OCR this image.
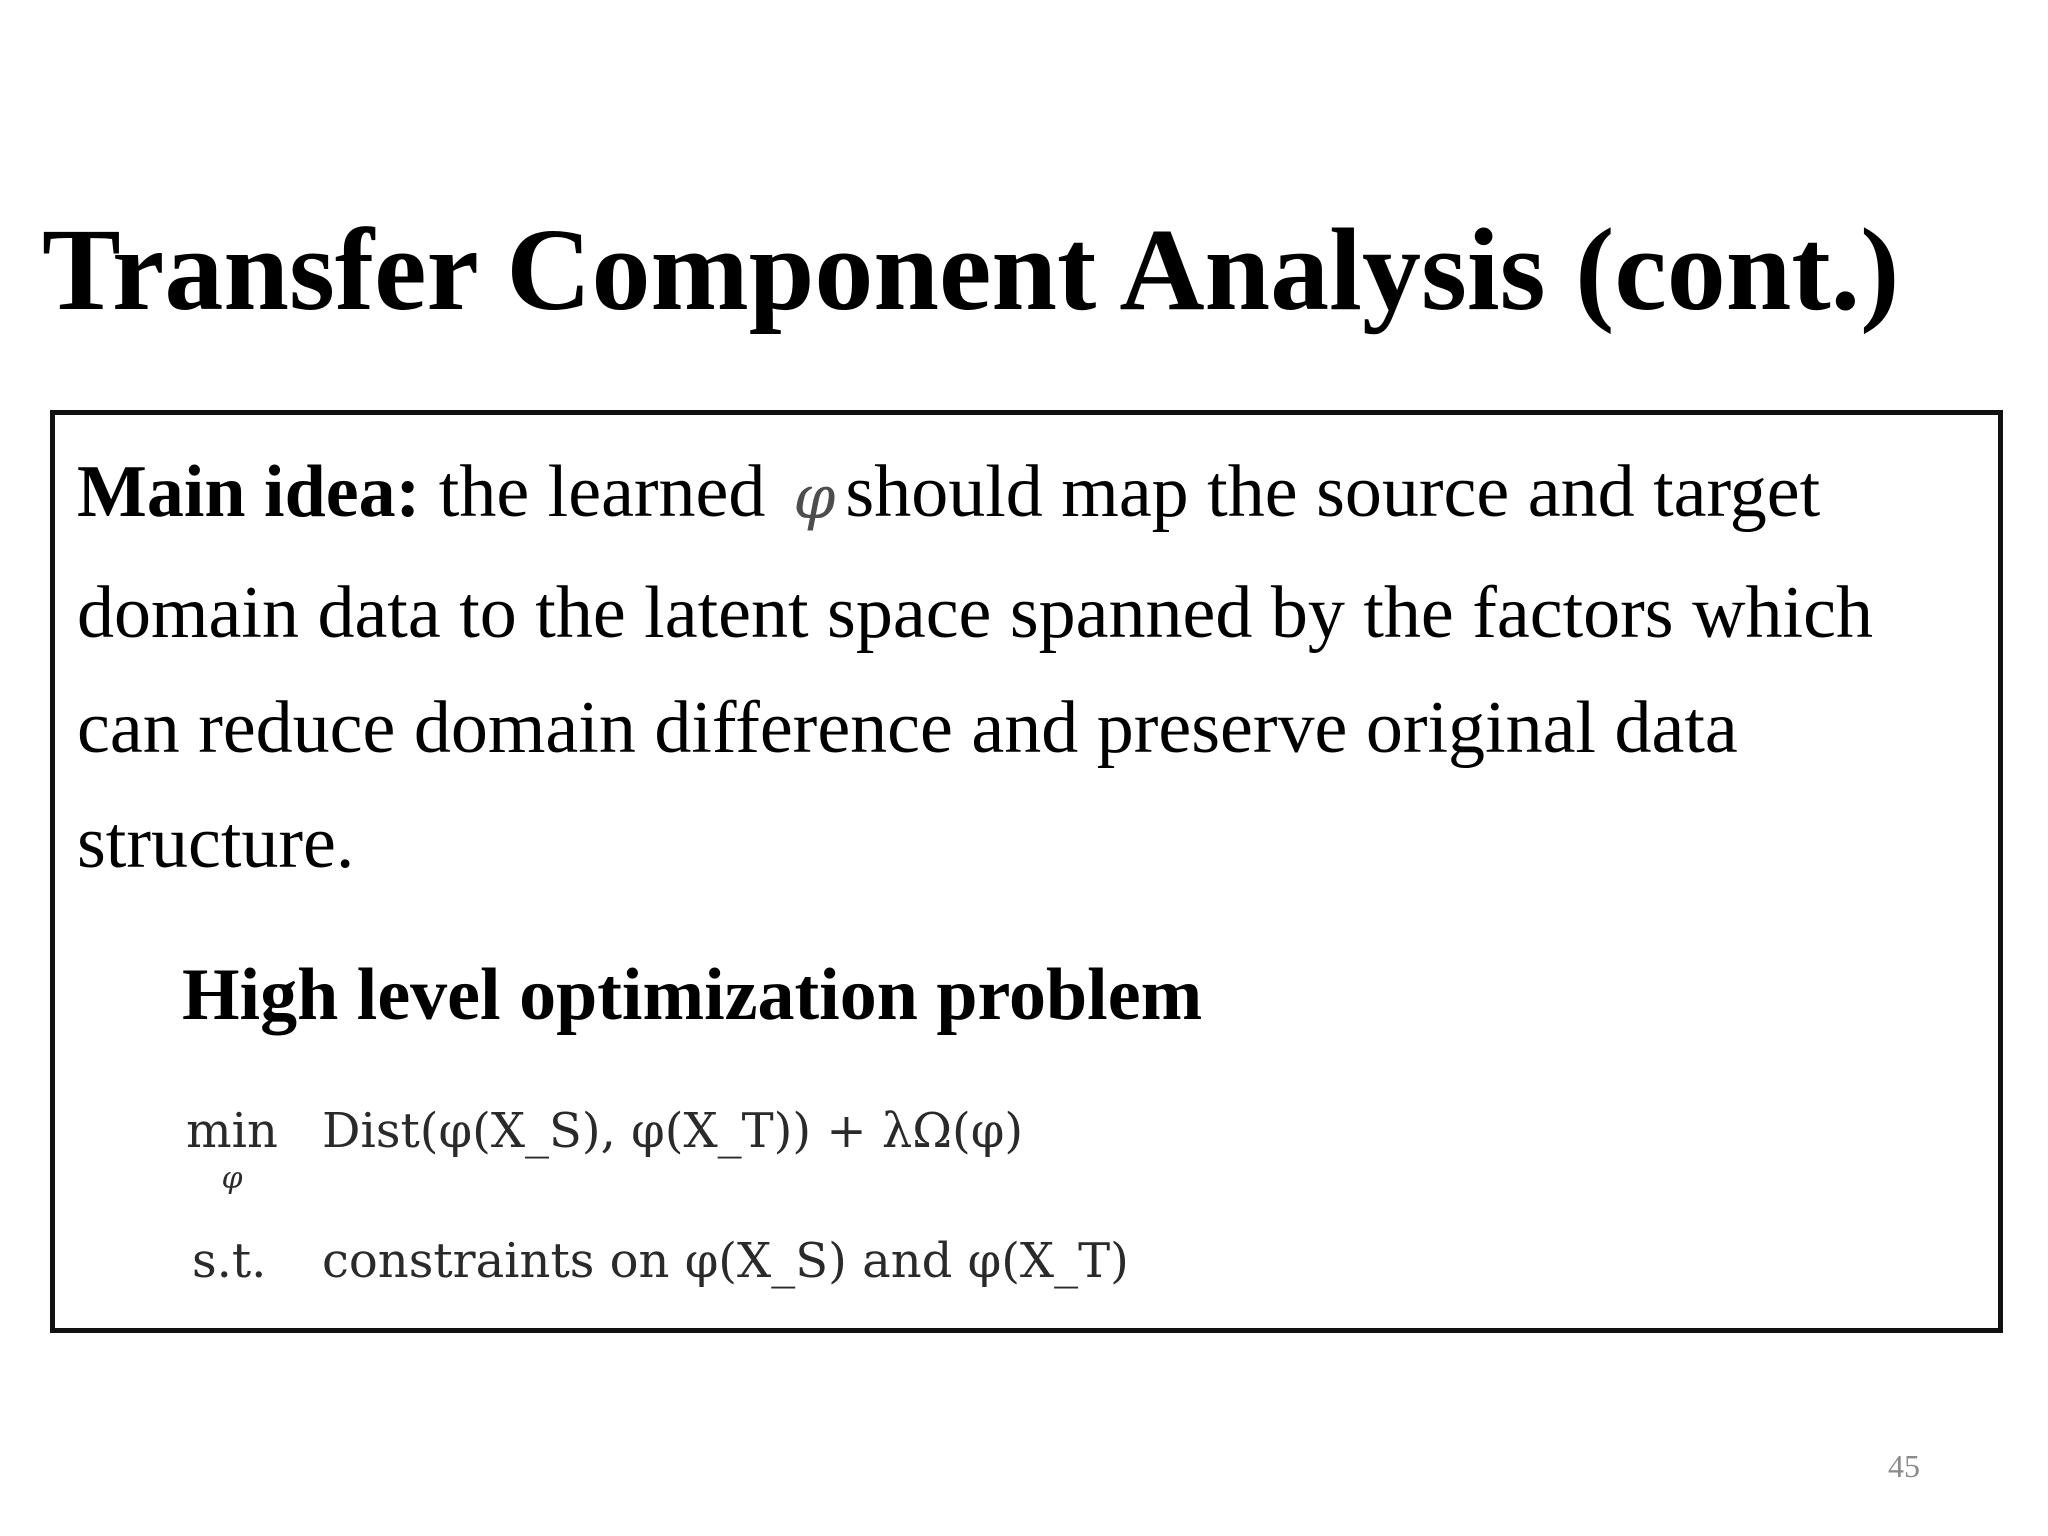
Transfer Component Analysis (cont.)

Main idea: the learned φ should map the source and target domain data to the latent space spanned by the factors which can reduce domain difference and preserve original data structure.

High level optimization problem
min
φ
Dist(φ(X_S), φ(X_T)) + λΩ(φ)
s.t. constraints on φ(X_S) and φ(X_T)
45
